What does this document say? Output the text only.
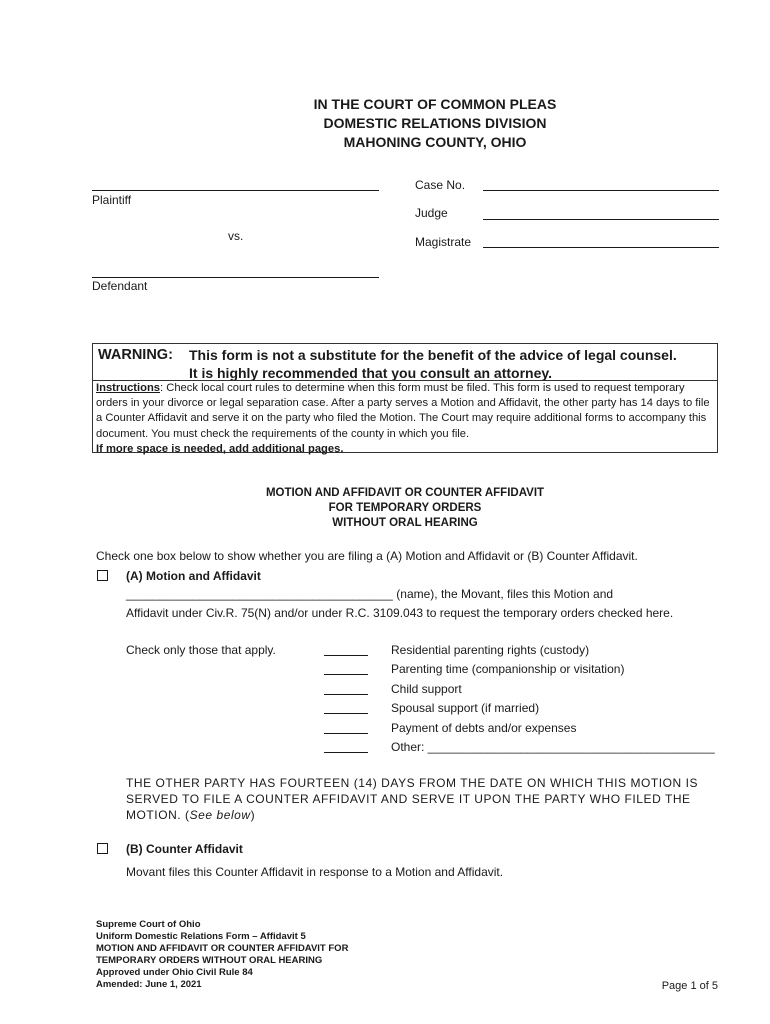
IN THE COURT OF COMMON PLEAS
DOMESTIC RELATIONS DIVISION
MAHONING COUNTY, OHIO
Plaintiff
vs.
Defendant
Case No.
Judge
Magistrate
WARNING: This form is not a substitute for the benefit of the advice of legal counsel.
It is highly recommended that you consult an attorney.
Instructions: Check local court rules to determine when this form must be filed. This form is used to request temporary orders in your divorce or legal separation case. After a party serves a Motion and Affidavit, the other party has 14 days to file a Counter Affidavit and serve it on the party who filed the Motion. The Court may require additional forms to accompany this document. You must check the requirements of the county in which you file.
If more space is needed, add additional pages.
MOTION AND AFFIDAVIT OR COUNTER AFFIDAVIT
FOR TEMPORARY ORDERS
WITHOUT ORAL HEARING
Check one box below to show whether you are filing a (A) Motion and Affidavit or (B) Counter Affidavit.
(A) Motion and Affidavit
________________________________________ (name), the Movant, files this Motion and
Affidavit under Civ.R. 75(N) and/or under R.C. 3109.043 to request the temporary orders checked here.
Check only those that apply.	Residential parenting rights (custody)
Parenting time (companionship or visitation)
Child support
Spousal support (if married)
Payment of debts and/or expenses
Other: ___________________________________________
THE OTHER PARTY HAS FOURTEEN (14) DAYS FROM THE DATE ON WHICH THIS MOTION IS SERVED TO FILE A COUNTER AFFIDAVIT AND SERVE IT UPON THE PARTY WHO FILED THE MOTION. (See below)
(B) Counter Affidavit
Movant files this Counter Affidavit in response to a Motion and Affidavit.
Supreme Court of Ohio
Uniform Domestic Relations Form – Affidavit 5
MOTION AND AFFIDAVIT OR COUNTER AFFIDAVIT FOR
TEMPORARY ORDERS WITHOUT ORAL HEARING
Approved under Ohio Civil Rule 84
Amended: June 1, 2021	Page 1 of 5
